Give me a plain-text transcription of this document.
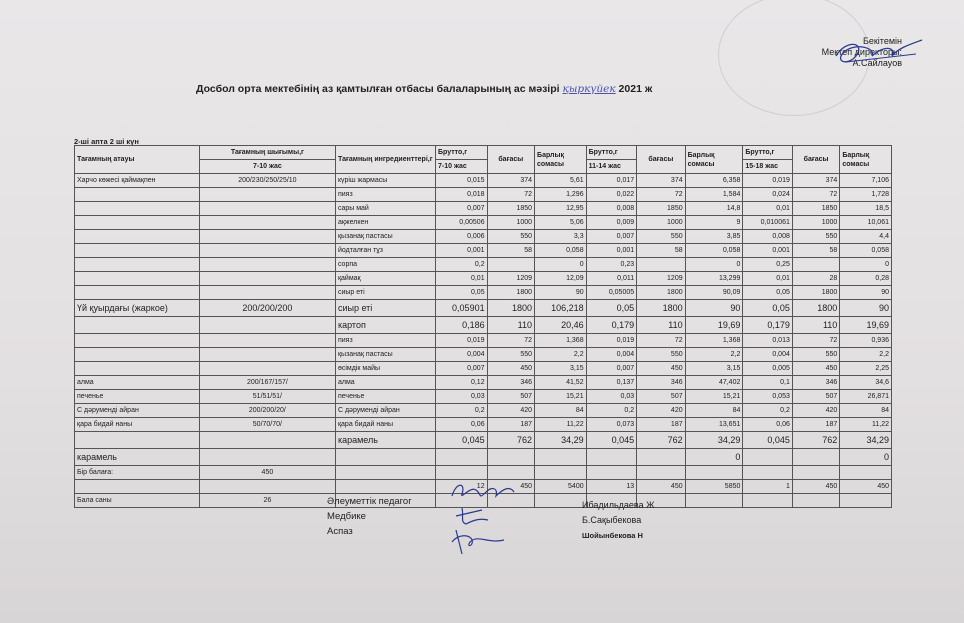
Бекітемін
Мектеп директоры:
А.Сайлауов
Досбол орта мектебінің аз қамтылған отбасы балаларының ас мәзірі қыркүйек 2021 ж
2-ші апта 2 ші күн
Тағамның атауы	Тағамның шығымы,г	Тағамның ингредиенттері,г	Брутто,г	бағасы	Барлық сомасы	Брутто,г	бағасы	Барлық сомасы	Брутто,г	бағасы	Барлық сомасы
	7-10 жас		7-10 жас			11-14 жас			15-18 жас		
Харчо көжесі қаймақпен	200/230/250/25/10	күріш жармасы	0,015	374	5,61	0,017	374	6,358	0,019	374	7,106
		пияз	0,018	72	1,296	0,022	72	1,584	0,024	72	1,728
		сары май	0,007	1850	12,95	0,008	1850	14,8	0,01	1850	18,5
		ақжелкен	0,00506	1000	5,06	0,009	1000	9	0,010061	1000	10,061
		қызанақ пастасы	0,006	550	3,3	0,007	550	3,85	0,008	550	4,4
		йодталған тұз	0,001	58	0,058	0,001	58	0,058	0,001	58	0,058
		сорпа	0,2		0	0,23		0	0,25		0
		қаймақ	0,01	1209	12,09	0,011	1209	13,299	0,01	28	0,28
		сиыр еті	0,05	1800	90	0,05005	1800	90,09	0,05	1800	90
Үй қуырдағы (жаркое)	200/200/200	сиыр еті	0,05901	1800	106,218	0,05	1800	90	0,05	1800	90
		картоп	0,186	110	20,46	0,179	110	19,69	0,179	110	19,69
		пияз	0,019	72	1,368	0,019	72	1,368	0,013	72	0,936
		қызанақ пастасы	0,004	550	2,2	0,004	550	2,2	0,004	550	2,2
		өсімдік майы	0,007	450	3,15	0,007	450	3,15	0,005	450	2,25
алма	200/167/157/	алма	0,12	346	41,52	0,137	346	47,402	0,1	346	34,6
печенье	51/51/51/	печенье	0,03	507	15,21	0,03	507	15,21	0,053	507	26,871
С дәруменді айран	200/200/20/	С дәруменді айран	0,2	420	84	0,2	420	84	0,2	420	84
қара бидай наны	50/70/70/	қара бидай наны	0,06	187	11,22	0,073	187	13,651	0,06	187	11,22
		карамель	0,045	762	34,29	0,045	762	34,29	0,045	762	34,29
карамель								0			0
Бір балаға:	450										
			12	450	5400	13	450	5850	1	450	450
Бала саны	26											Әлеуметтік педагог
Медбике
Аспаз
Ибадильдаева Ж
Б.Сақыбекова
Шойынбекова Н
